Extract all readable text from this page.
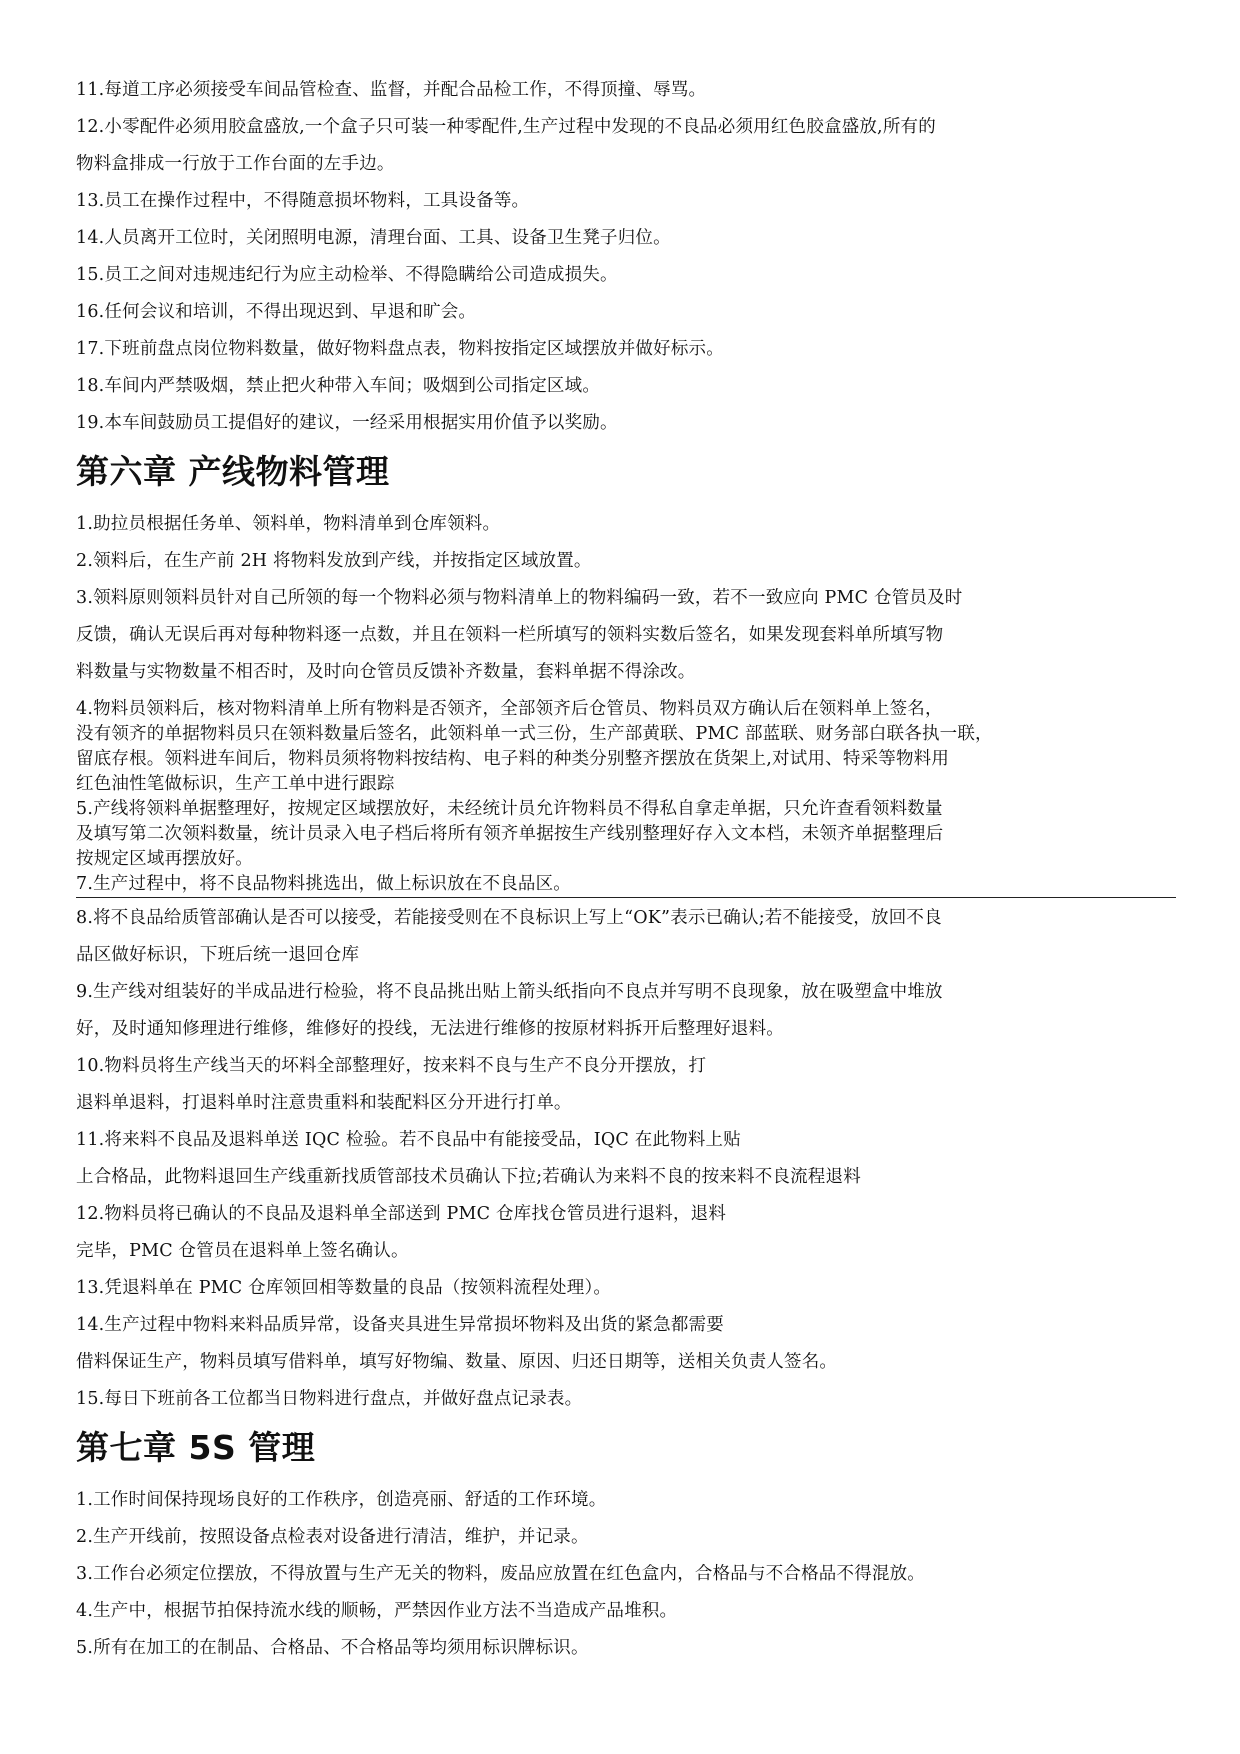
11.每道工序必须接受车间品管检查、监督，并配合品检工作，不得顶撞、辱骂。

12.小零配件必须用胶盒盛放,一个盒子只可装一种零配件,生产过程中发现的不良品必须用红色胶盒盛放,所有的

物料盒排成一行放于工作台面的左手边。

13.员工在操作过程中，不得随意损坏物料，工具设备等。

14.人员离开工位时，关闭照明电源，清理台面、工具、设备卫生凳子归位。

15.员工之间对违规违纪行为应主动检举、不得隐瞒给公司造成损失。

16.任何会议和培训，不得出现迟到、早退和旷会。

17.下班前盘点岗位物料数量，做好物料盘点表，物料按指定区域摆放并做好标示。

18.车间内严禁吸烟，禁止把火种带入车间；吸烟到公司指定区域。

19.本车间鼓励员工提倡好的建议，一经采用根据实用价值予以奖励。

第六章 产线物料管理

1.助拉员根据任务单、领料单，物料清单到仓库领料。

2.领料后，在生产前 2H 将物料发放到产线，并按指定区域放置。

3.领料原则领料员针对自己所领的每一个物料必须与物料清单上的物料编码一致，若不一致应向 PMC 仓管员及时

反馈，确认无误后再对每种物料逐一点数，并且在领料一栏所填写的领料实数后签名，如果发现套料单所填写物

料数量与实物数量不相否时，及时向仓管员反馈补齐数量，套料单据不得涂改。

4.物料员领料后，核对物料清单上所有物料是否领齐，全部领齐后仓管员、物料员双方确认后在领料单上签名，
没有领齐的单据物料员只在领料数量后签名，此领料单一式三份，生产部黄联、PMC 部蓝联、财务部白联各执一联，
留底存根。领料进车间后，物料员须将物料按结构、电子料的种类分别整齐摆放在货架上,对试用、特采等物料用
红色油性笔做标识，生产工单中进行跟踪
5.产线将领料单据整理好，按规定区域摆放好，未经统计员允许物料员不得私自拿走单据，只允许查看领料数量
及填写第二次领料数量，统计员录入电子档后将所有领齐单据按生产线别整理好存入文本档，未领齐单据整理后
按规定区域再摆放好。
7.生产过程中，将不良品物料挑选出，做上标识放在不良品区。

8.将不良品给质管部确认是否可以接受，若能接受则在不良标识上写上“OK”表示已确认;若不能接受，放回不良

品区做好标识，下班后统一退回仓库

9.生产线对组装好的半成品进行检验，将不良品挑出贴上箭头纸指向不良点并写明不良现象，放在吸塑盒中堆放

好，及时通知修理进行维修，维修好的投线，无法进行维修的按原材料拆开后整理好退料。

10.物料员将生产线当天的坏料全部整理好，按来料不良与生产不良分开摆放，打

退料单退料，打退料单时注意贵重料和装配料区分开进行打单。

11.将来料不良品及退料单送 IQC 检验。若不良品中有能接受品，IQC 在此物料上贴

上合格品，此物料退回生产线重新找质管部技术员确认下拉;若确认为来料不良的按来料不良流程退料

12.物料员将已确认的不良品及退料单全部送到 PMC 仓库找仓管员进行退料，退料

完毕，PMC 仓管员在退料单上签名确认。

13.凭退料单在 PMC 仓库领回相等数量的良品（按领料流程处理）。

14.生产过程中物料来料品质异常，设备夹具进生异常损坏物料及出货的紧急都需要

借料保证生产，物料员填写借料单，填写好物编、数量、原因、归还日期等，送相关负责人签名。

15.每日下班前各工位都当日物料进行盘点，并做好盘点记录表。

第七章 5S 管理

1.工作时间保持现场良好的工作秩序，创造亮丽、舒适的工作环境。

2.生产开线前，按照设备点检表对设备进行清洁，维护，并记录。

3.工作台必须定位摆放，不得放置与生产无关的物料，废品应放置在红色盒内，合格品与不合格品不得混放。

4.生产中，根据节拍保持流水线的顺畅，严禁因作业方法不当造成产品堆积。

5.所有在加工的在制品、合格品、不合格品等均须用标识牌标识。
